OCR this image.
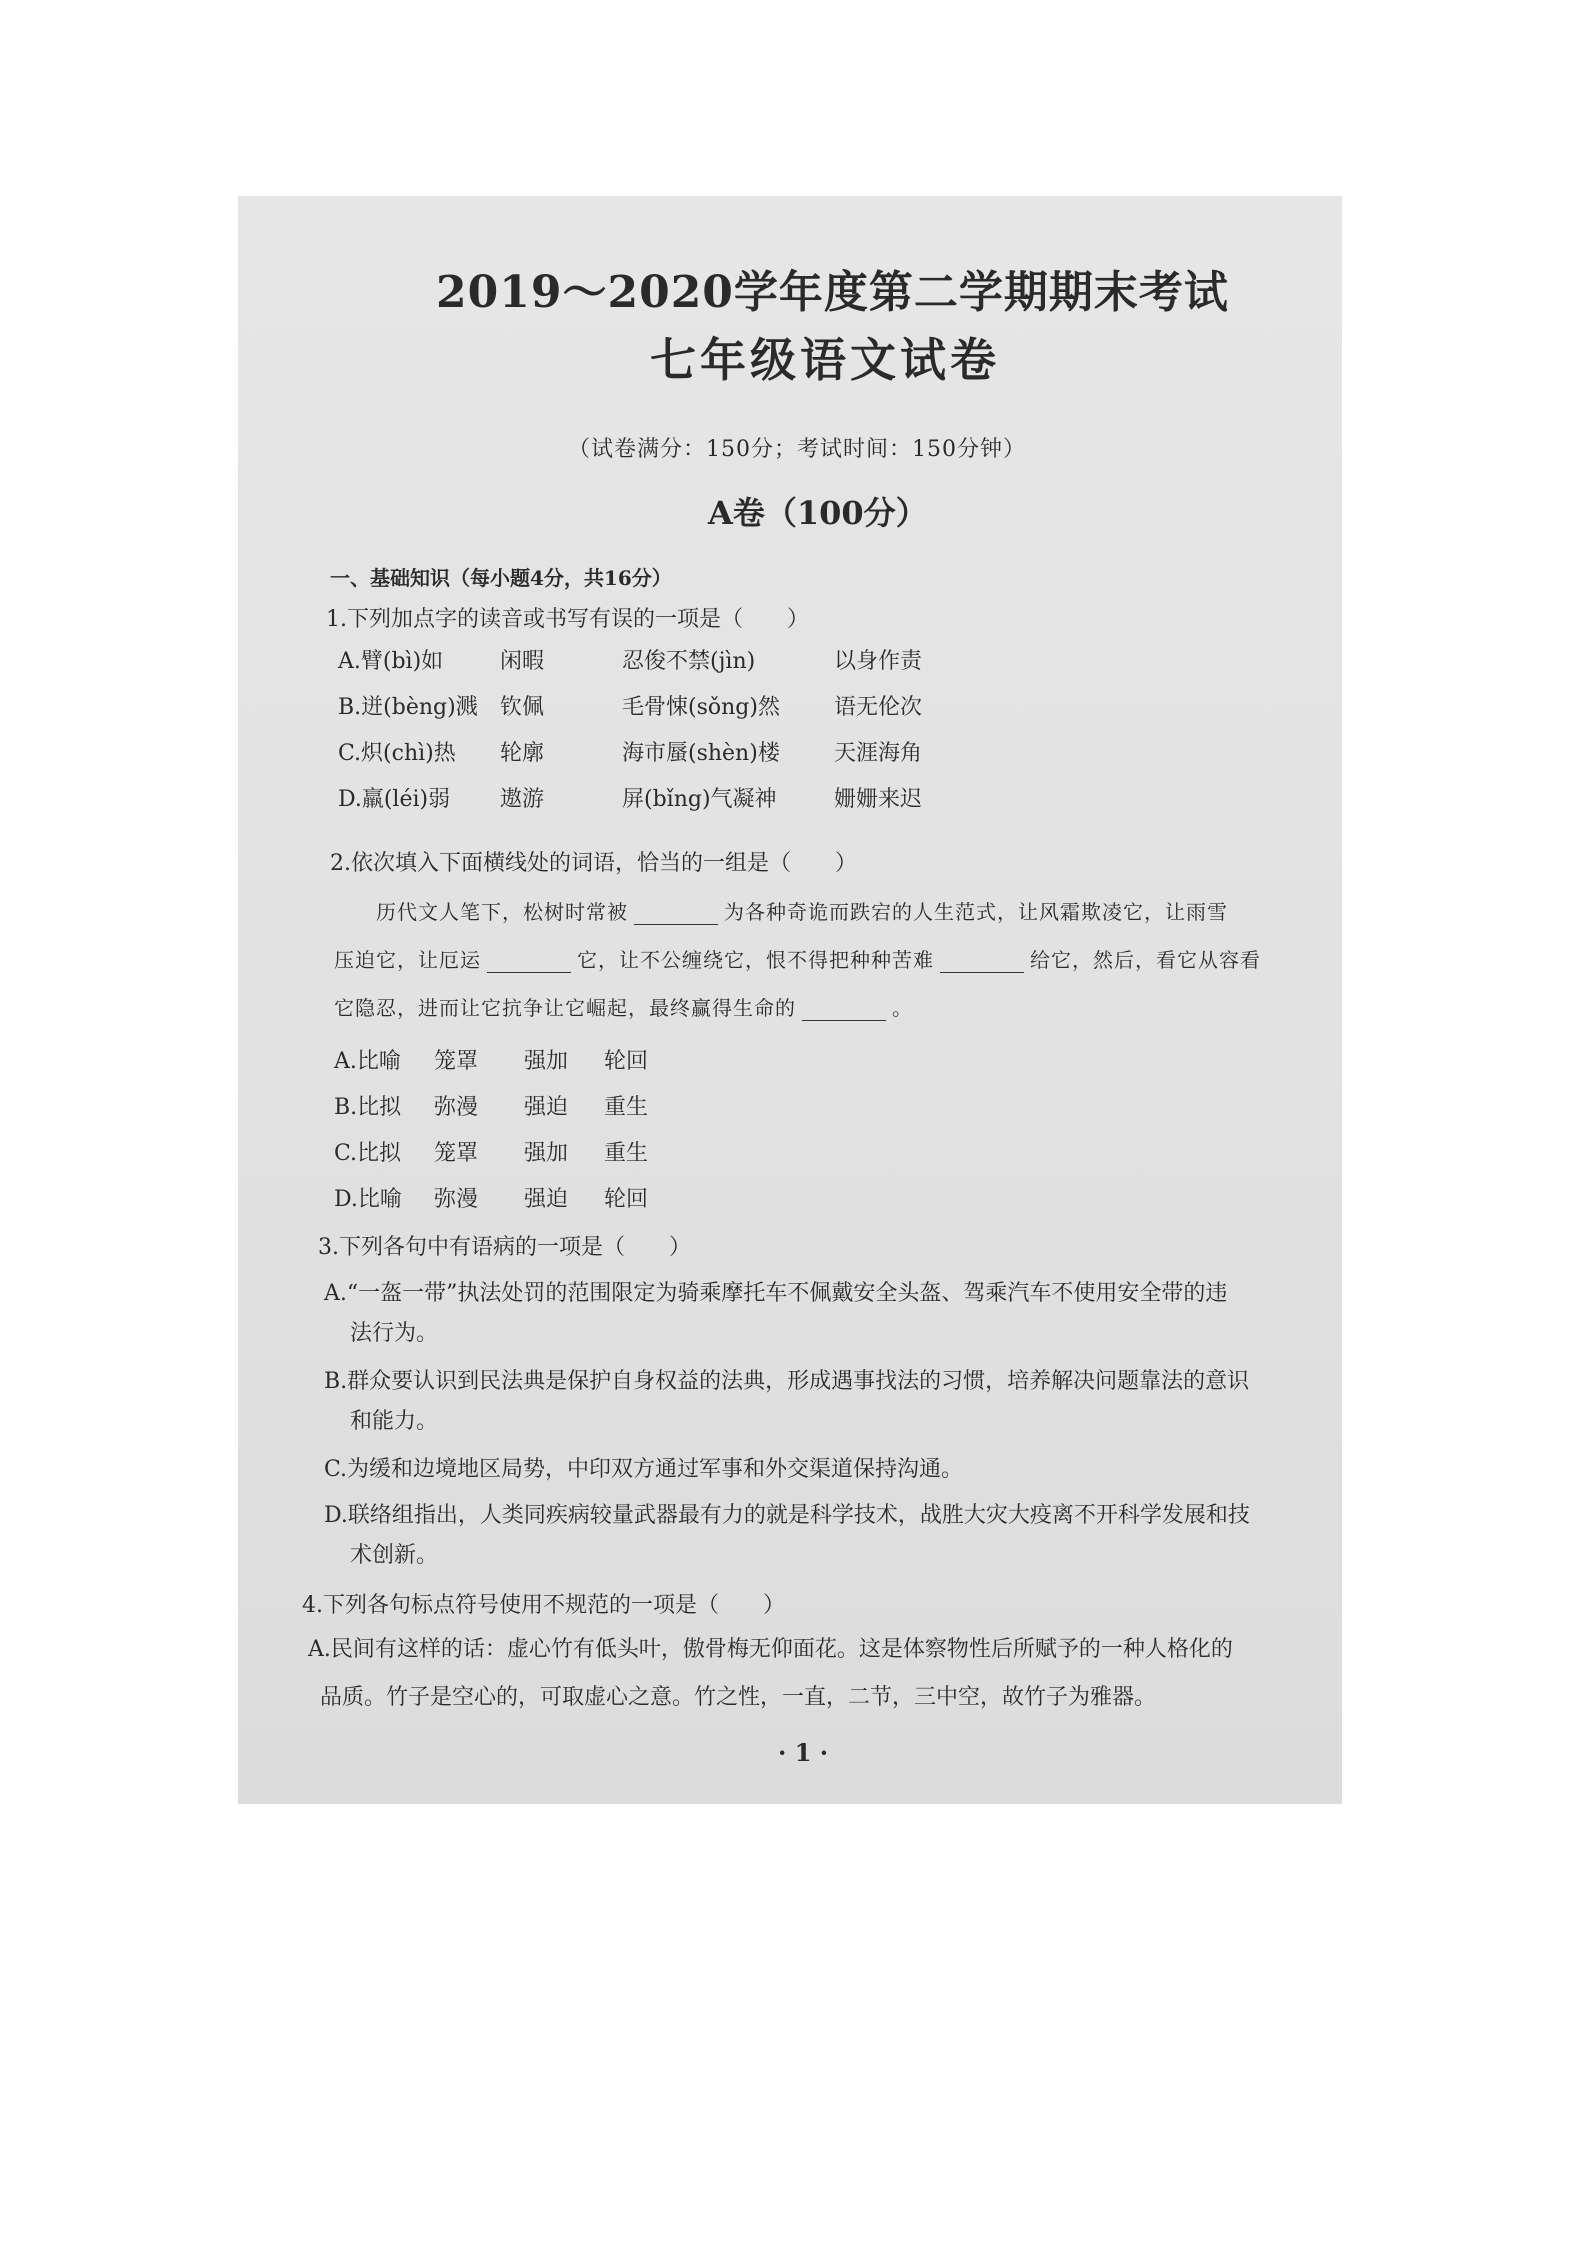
2019～2020学年度第二学期期末考试
七年级语文试卷
（试卷满分：150分；考试时间：150分钟）
A卷（100分）
一、基础知识（每小题4分，共16分）
1.下列加点字的读音或书写有误的一项是（　　）
A.臂(bì)如	闲暇	忍俊不禁(jìn)	以身作责
B.迸(bèng)溅 钦佩	毛骨悚(sǒng)然 语无伦次
C.炽(chì)热 轮廓	海市蜃(shèn)楼 天涯海角
D.羸(léi)弱 遨游	屏(bǐng)气凝神	姗姗来迟
2.依次填入下面横线处的词语，恰当的一组是（　　）
历代文人笔下，松树时常被	为各种奇诡而跌宕的人生范式，让风霜欺凌它，让雨雪
压迫它，让厄运	它，让不公缠绕它，恨不得把种种苦难	给它，然后，看它从容看
它隐忍，进而让它抗争让它崛起，最终赢得生命的	。
A.比喻 笼罩 强加 轮回
B.比拟 弥漫 强迫 重生
C.比拟 笼罩 强加 重生
D.比喻 弥漫 强迫 轮回
3.下列各句中有语病的一项是（　　）
A.“一盔一带”执法处罚的范围限定为骑乘摩托车不佩戴安全头盔、驾乘汽车不使用安全带的违
法行为。
B.群众要认识到民法典是保护自身权益的法典，形成遇事找法的习惯，培养解决问题靠法的意识
和能力。
C.为缓和边境地区局势，中印双方通过军事和外交渠道保持沟通。
D.联络组指出，人类同疾病较量武器最有力的就是科学技术，战胜大灾大疫离不开科学发展和技
术创新。
4.下列各句标点符号使用不规范的一项是（　　）
A.民间有这样的话：虚心竹有低头叶，傲骨梅无仰面花。这是体察物性后所赋予的一种人格化的
品质。竹子是空心的，可取虚心之意。竹之性，一直，二节，三中空，故竹子为雅器。
· 1 ·
